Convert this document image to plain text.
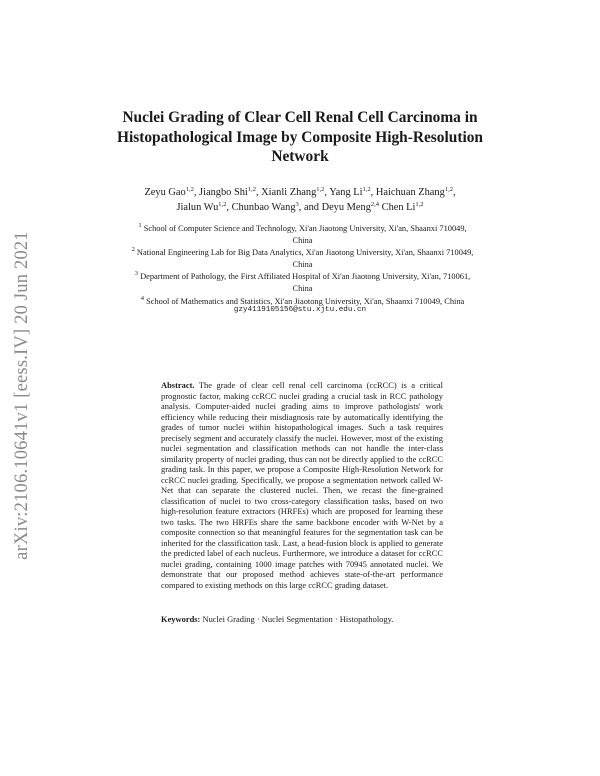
arXiv:2106.10641v1 [eess.IV] 20 Jun 2021
Nuclei Grading of Clear Cell Renal Cell Carcinoma in Histopathological Image by Composite High-Resolution Network
Zeyu Gao$^{1,2}$, Jiangbo Shi$^{1,2}$, Xianli Zhang$^{1,2}$, Yang Li$^{1,2}$, Haichuan Zhang$^{1,2}$, Jialun Wu$^{1,2}$, Chunbao Wang$^3$, and Deyu Meng$^{2,4}$ Chen Li$^{1,2}$

$^1$ School of Computer Science and Technology, Xi'an Jiaotong University, Xi'an, Shaanxi 710049, China

$^2$ National Engineering Lab for Big Data Analytics, Xi'an Jiaotong University, Xi'an, Shaanxi 710049, China

$^3$ Department of Pathology, the First Affiliated Hospital of Xi'an Jiaotong University, Xi'an, 710061, China

$^4$ School of Mathematics and Statistics, Xi'an Jiaotong University, Xi'an, Shaanxi 710049, China

gzy4119105156@stu.xjtu.edu.cn

Abstract. The grade of clear cell renal cell carcinoma (ccRCC) is a critical prognostic factor, making ccRCC nuclei grading a crucial task in RCC pathology analysis. Computer-aided nuclei grading aims to improve pathologists' work efficiency while reducing their misdiagnosis rate by automatically identifying the grades of tumor nuclei within histopathological images. Such a task requires precisely segment and accurately classify the nuclei. However, most of the existing nuclei segmentation and classification methods can not handle the inter-class similarity property of nuclei grading, thus can not be directly applied to the ccRCC grading task. In this paper, we propose a Composite High-Resolution Network for ccRCC nuclei grading. Specifically, we propose a segmentation network called W-Net that can separate the clustered nuclei. Then, we recast the fine-grained classification of nuclei to two cross-category classification tasks, based on two high-resolution feature extractors (HRFEs) which are proposed for learning these two tasks. The two HRFEs share the same backbone encoder with W-Net by a composite connection so that meaningful features for the segmentation task can be inherited for the classification task. Last, a head-fusion block is applied to generate the predicted label of each nucleus. Furthermore, we introduce a dataset for ccRCC nuclei grading, containing 1000 image patches with 70945 annotated nuclei. We demonstrate that our proposed method achieves state-of-the-art performance compared to existing methods on this large ccRCC grading dataset.

Keywords: Nuclei Grading · Nuclei Segmentation · Histopathology.
